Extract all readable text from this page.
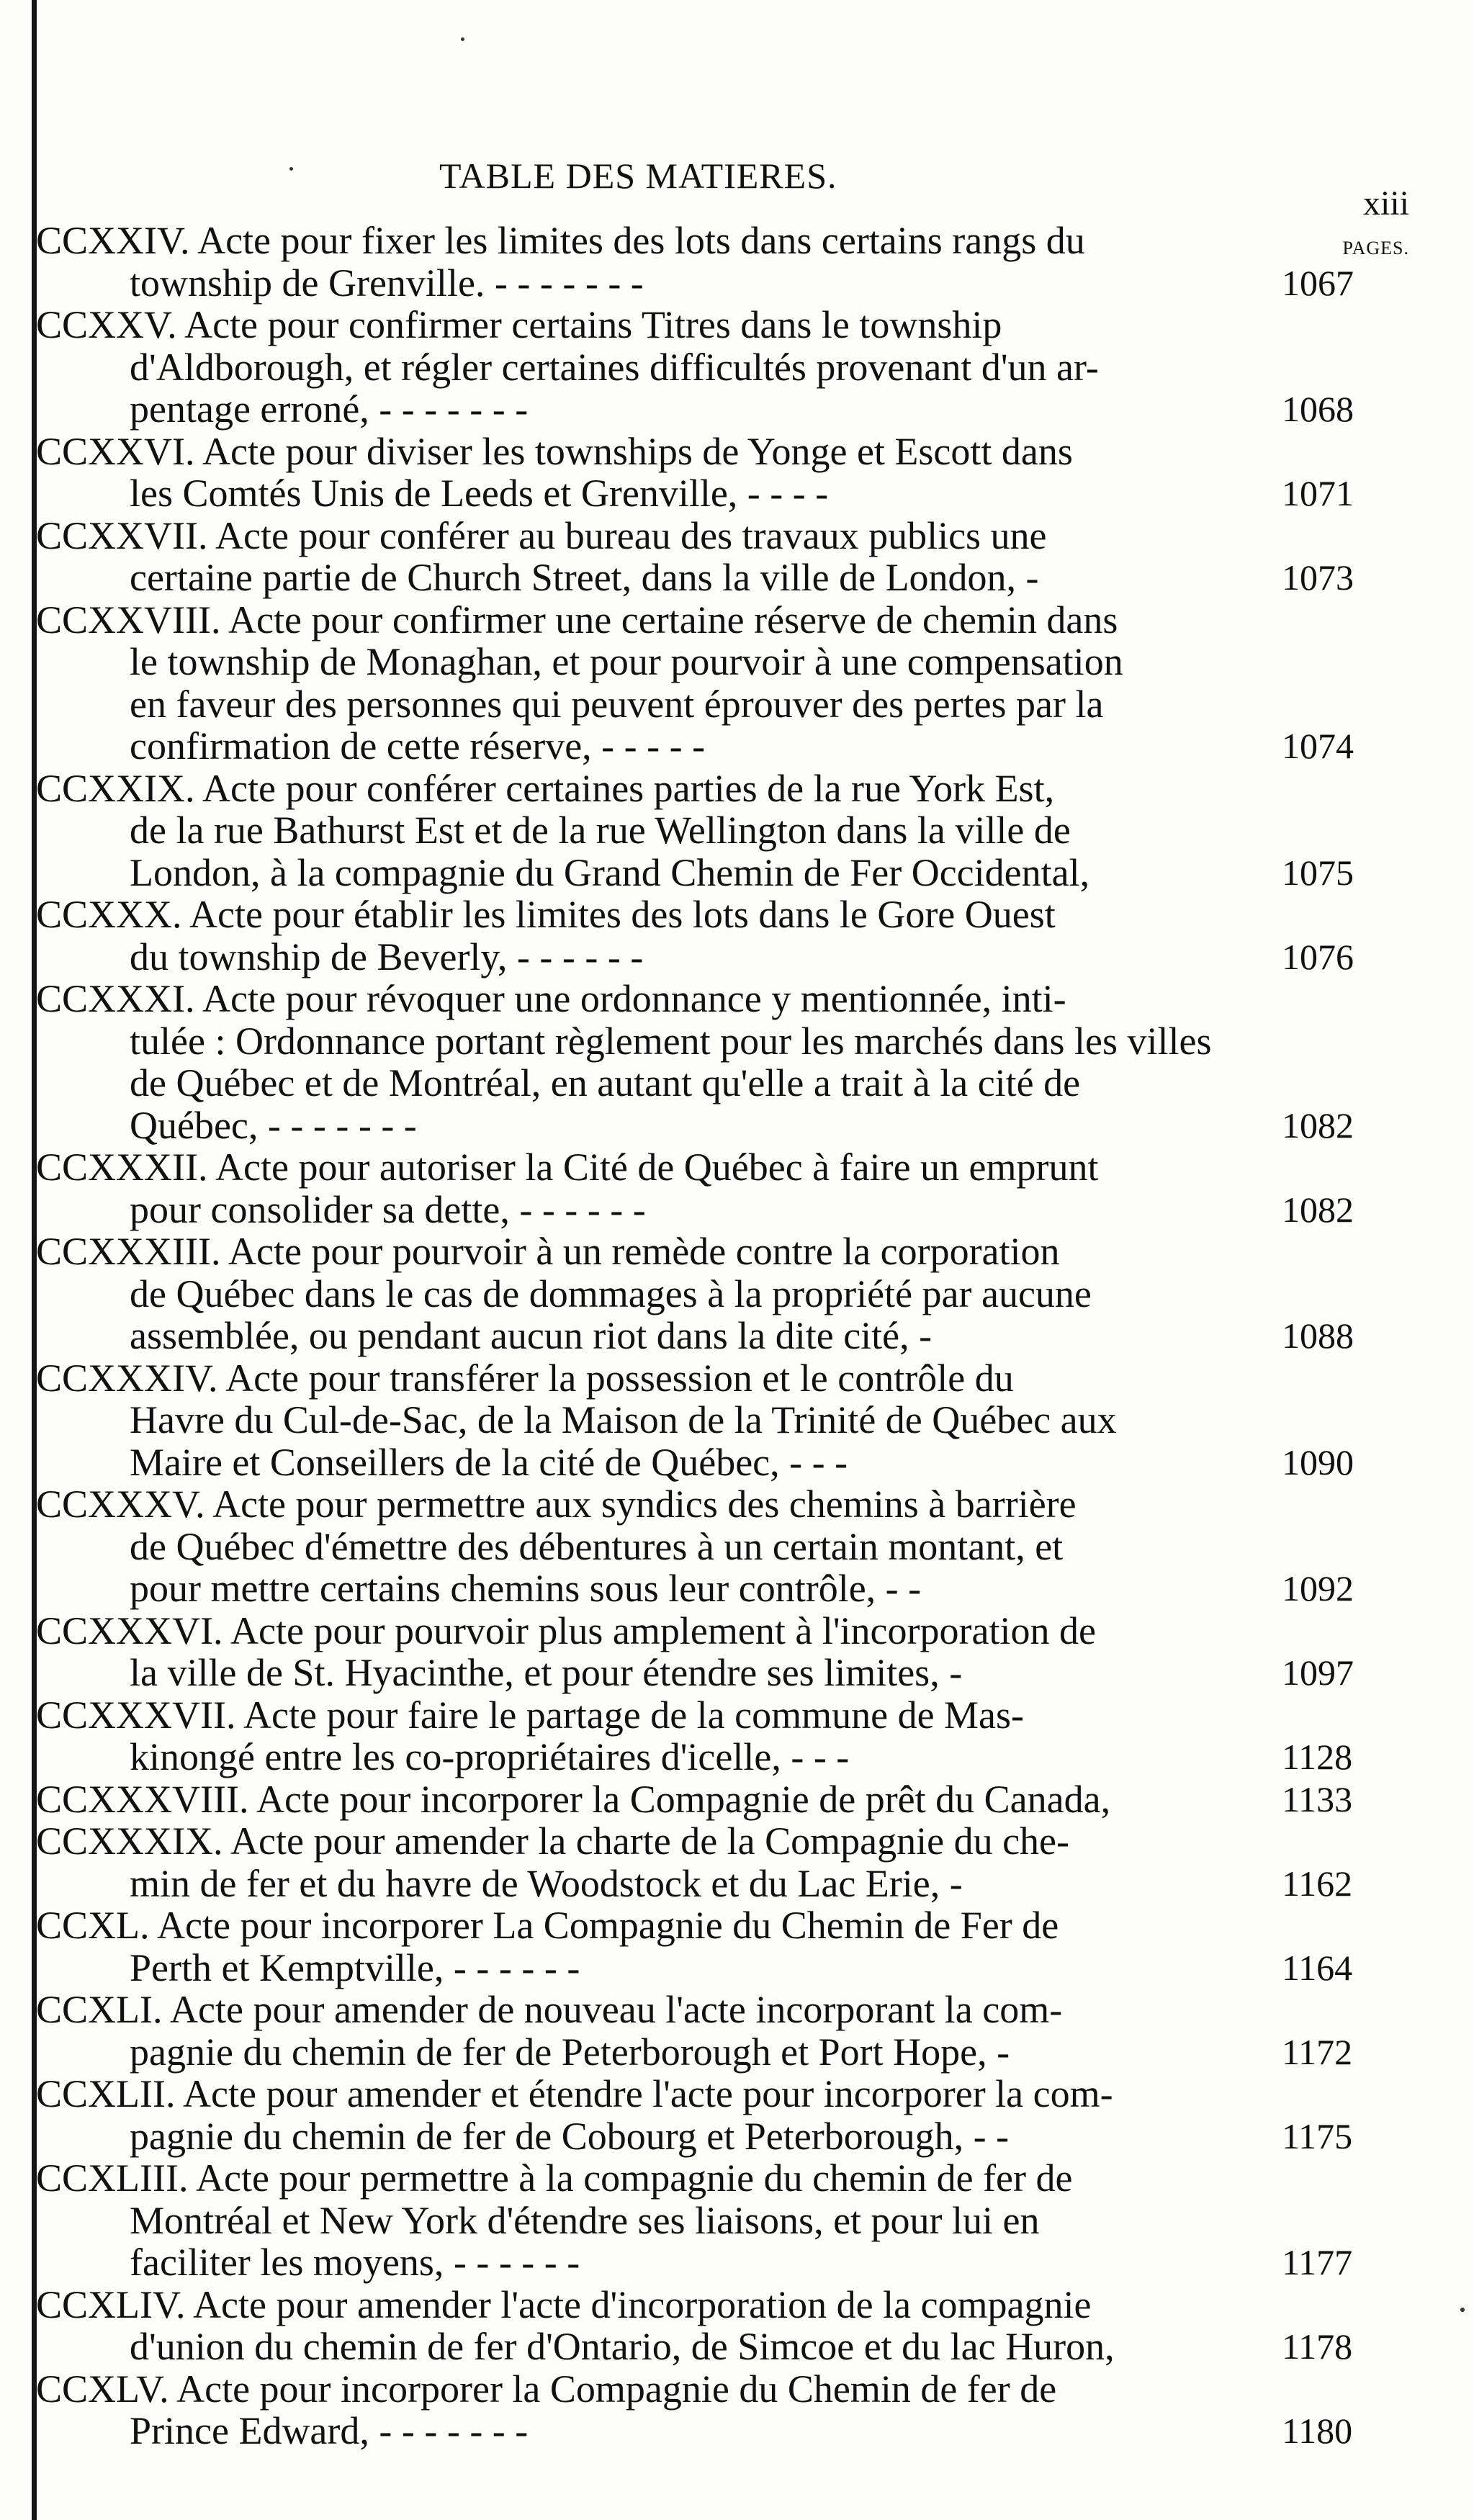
TABLE DES MATIERES.
xiii
PAGES.
CCXXIV. Acte pour fixer les limites des lots dans certains rangs du
township de Grenville. - - - - - - -	1067
CCXXV. Acte pour confirmer certains Titres dans le township
d'Aldborough, et régler certaines difficultés provenant d'un ar-
pentage erroné, - - - - - - -	1068
CCXXVI. Acte pour diviser les townships de Yonge et Escott dans
les Comtés Unis de Leeds et Grenville, - - - -	1071
CCXXVII. Acte pour conférer au bureau des travaux publics une
certaine partie de Church Street, dans la ville de London, -	1073
CCXXVIII. Acte pour confirmer une certaine réserve de chemin dans
le township de Monaghan, et pour pourvoir à une compensation
en faveur des personnes qui peuvent éprouver des pertes par la
confirmation de cette réserve, - - - - -	1074
CCXXIX. Acte pour conférer certaines parties de la rue York Est,
de la rue Bathurst Est et de la rue Wellington dans la ville de
London, à la compagnie du Grand Chemin de Fer Occidental,	1075
CCXXX. Acte pour établir les limites des lots dans le Gore Ouest
du township de Beverly, - - - - - -	1076
CCXXXI. Acte pour révoquer une ordonnance y mentionnée, inti-
tulée : Ordonnance portant règlement pour les marchés dans les villes
de Québec et de Montréal, en autant qu'elle a trait à la cité de
Québec, - - - - - - -	1082
CCXXXII. Acte pour autoriser la Cité de Québec à faire un emprunt
pour consolider sa dette, - - - - - -	1082
CCXXXIII. Acte pour pourvoir à un remède contre la corporation
de Québec dans le cas de dommages à la propriété par aucune
assemblée, ou pendant aucun riot dans la dite cité, -	1088
CCXXXIV. Acte pour transférer la possession et le contrôle du
Havre du Cul-de-Sac, de la Maison de la Trinité de Québec aux
Maire et Conseillers de la cité de Québec, - - -	1090
CCXXXV. Acte pour permettre aux syndics des chemins à barrière
de Québec d'émettre des débentures à un certain montant, et
pour mettre certains chemins sous leur contrôle, - -	1092
CCXXXVI. Acte pour pourvoir plus amplement à l'incorporation de
la ville de St. Hyacinthe, et pour étendre ses limites, -	1097
CCXXXVII. Acte pour faire le partage de la commune de Mas-
kinongé entre les co-propriétaires d'icelle, - - -	1128
CCXXXVIII. Acte pour incorporer la Compagnie de prêt du Canada,	1133
CCXXXIX. Acte pour amender la charte de la Compagnie du che-
min de fer et du havre de Woodstock et du Lac Erie, -	1162
CCXL. Acte pour incorporer La Compagnie du Chemin de Fer de
Perth et Kemptville, - - - - - -	1164
CCXLI. Acte pour amender de nouveau l'acte incorporant la com-
pagnie du chemin de fer de Peterborough et Port Hope, -	1172
CCXLII. Acte pour amender et étendre l'acte pour incorporer la com-
pagnie du chemin de fer de Cobourg et Peterborough, - -	1175
CCXLIII. Acte pour permettre à la compagnie du chemin de fer de
Montréal et New York d'étendre ses liaisons, et pour lui en
faciliter les moyens, - - - - - -	1177
CCXLIV. Acte pour amender l'acte d'incorporation de la compagnie
d'union du chemin de fer d'Ontario, de Simcoe et du lac Huron,	1178
CCXLV. Acte pour incorporer la Compagnie du Chemin de fer de
Prince Edward, - - - - - - -	1180
